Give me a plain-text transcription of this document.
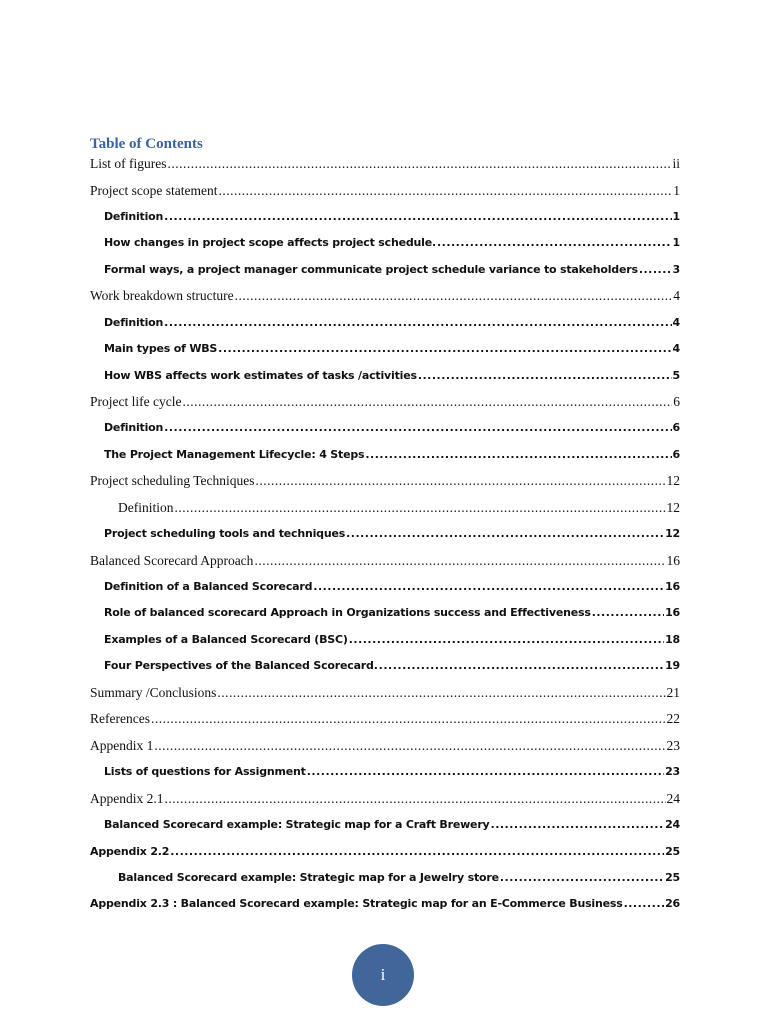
Table of Contents
List of figures .....	ii
Project scope statement .....	1
Definition .....	1
How changes in project scope affects project schedule. .....	1
Formal ways, a project manager communicate project schedule variance to stakeholders .....	3
Work breakdown structure .....	4
Definition .....	4
Main types of WBS .....	4
How WBS affects work estimates of tasks /activities .....	5
Project life cycle .....	6
Definition .....	6
The Project Management Lifecycle: 4 Steps .....	6
Project scheduling Techniques .....	12
Definition .....	12
Project scheduling tools and techniques .....	12
Balanced Scorecard Approach .....	16
Definition of a Balanced Scorecard .....	16
Role of balanced scorecard Approach in Organizations success and Effectiveness .....	16
Examples of a Balanced Scorecard (BSC) .....	18
Four Perspectives of the Balanced Scorecard. .....	19
Summary /Conclusions .....	21
References .....	22
Appendix 1 .....	23
Lists of questions for Assignment .....	23
Appendix 2.1 .....	24
Balanced Scorecard example: Strategic map for a Craft Brewery .....	24
Appendix 2.2 .....	25
Balanced Scorecard example: Strategic map for a Jewelry store .....	25
Appendix 2.3 : Balanced Scorecard example: Strategic map for an E-Commerce Business .....	26
i
